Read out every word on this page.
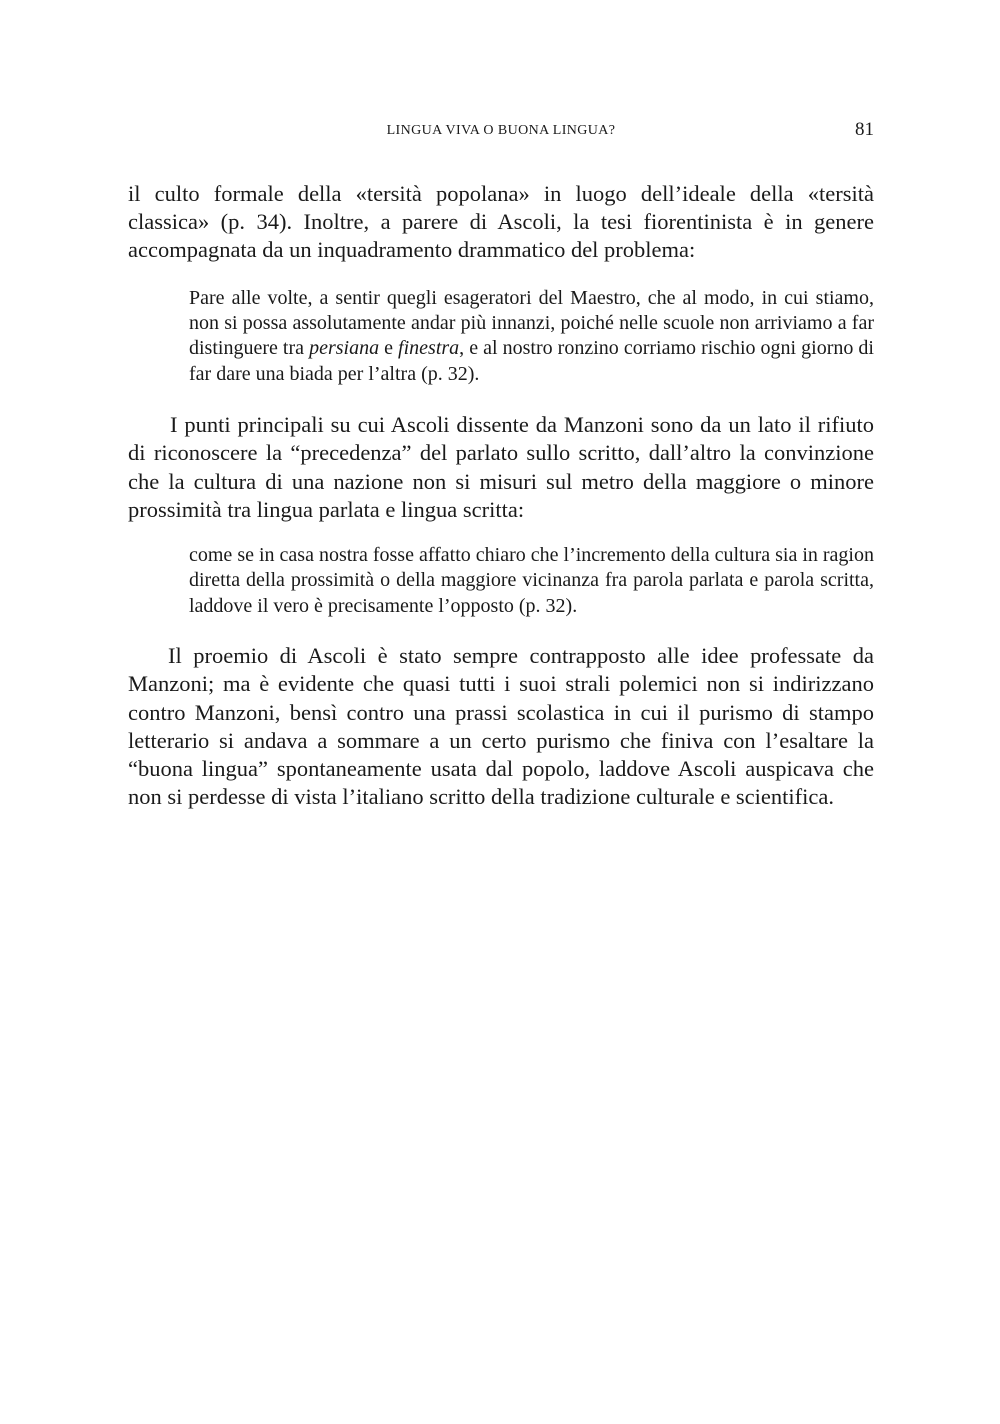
LINGUA VIVA O BUONA LINGUA?	81

il culto formale della «tersità popolana» in luogo dell’ideale della «tersità classica» (p. 34). Inoltre, a parere di Ascoli, la tesi fiorentinista è in genere accompagnata da un inquadramento drammatico del problema:

Pare alle volte, a sentir quegli esageratori del Maestro, che al modo, in cui stiamo, non si possa assolutamente andar più innanzi, poiché nelle scuole non arriviamo a far distinguere tra persiana e finestra, e al nostro ronzino corriamo rischio ogni giorno di far dare una biada per l’altra (p. 32).

I punti principali su cui Ascoli dissente da Manzoni sono da un lato il rifiuto di riconoscere la “precedenza” del parlato sullo scritto, dall’altro la convinzione che la cultura di una nazione non si misuri sul metro della maggiore o minore prossimità tra lingua parlata e lingua scritta:

come se in casa nostra fosse affatto chiaro che l’incremento della cultura sia in ragion diretta della prossimità o della maggiore vicinanza fra parola parlata e parola scritta, laddove il vero è precisamente l’opposto (p. 32).

Il proemio di Ascoli è stato sempre contrapposto alle idee professate da Manzoni; ma è evidente che quasi tutti i suoi strali polemici non si indirizzano contro Manzoni, bensì contro una prassi scolastica in cui il purismo di stampo letterario si andava a sommare a un certo purismo che finiva con l’esaltare la “buona lingua” spontaneamente usata dal popolo, laddove Ascoli auspicava che non si perdesse di vista l’italiano scritto della tradizione culturale e scientifica.
